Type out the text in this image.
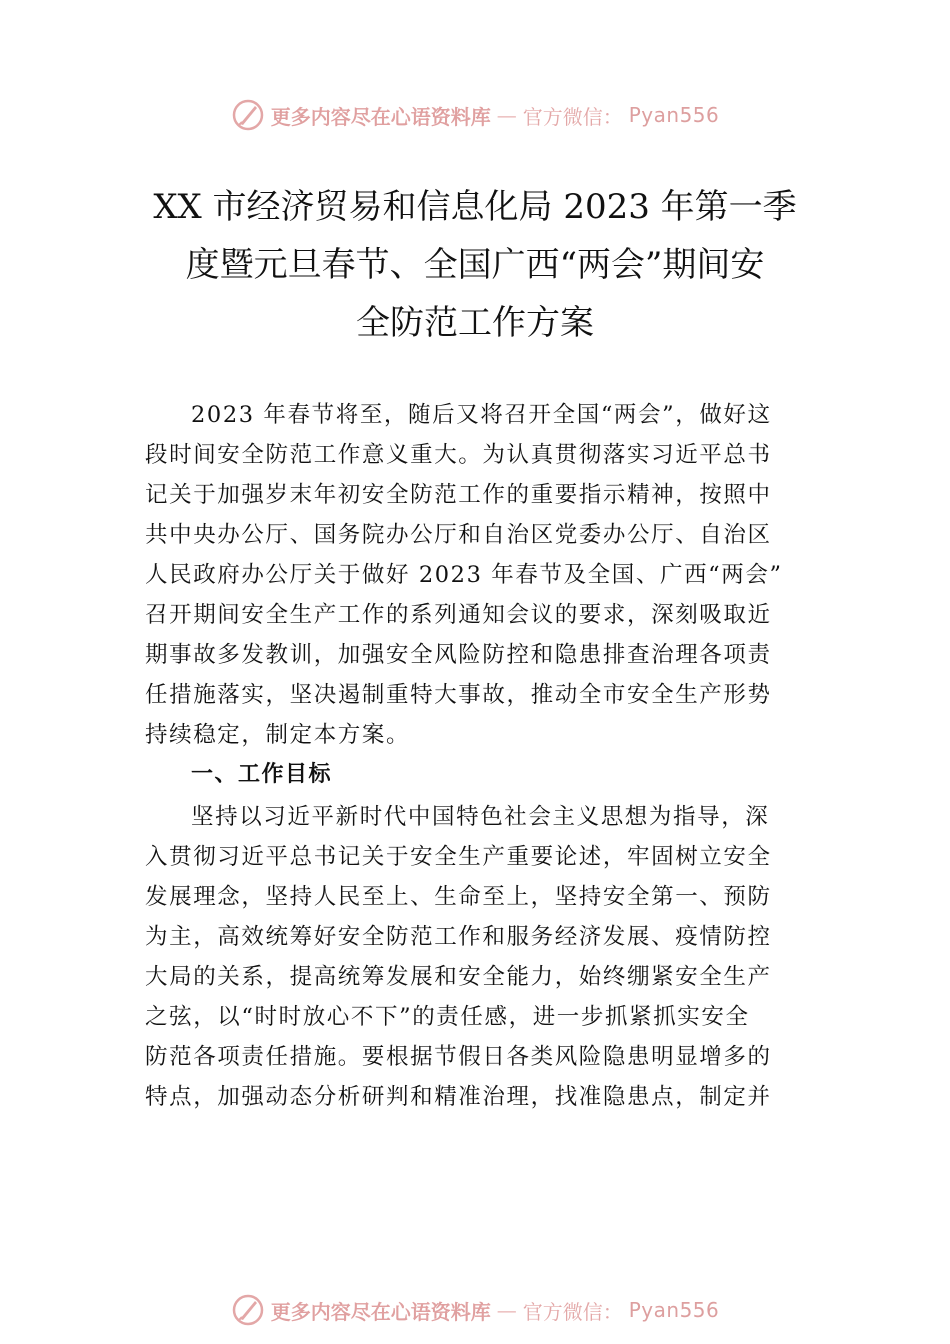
更多内容尽在心语资料库 — 官方微信： Pyan556
XX 市经济贸易和信息化局 2023 年第一季
度暨元旦春节、全国广西“两会”期间安
全防范工作方案

2023 年春节将至，随后又将召开全国“两会”，做好这
段时间安全防范工作意义重大。为认真贯彻落实习近平总书
记关于加强岁末年初安全防范工作的重要指示精神，按照中
共中央办公厅、国务院办公厅和自治区党委办公厅、自治区
人民政府办公厅关于做好 2023 年春节及全国、广西“两会”
召开期间安全生产工作的系列通知会议的要求，深刻吸取近
期事故多发教训，加强安全风险防控和隐患排查治理各项责
任措施落实，坚决遏制重特大事故，推动全市安全生产形势
持续稳定，制定本方案。

一、工作目标

坚持以习近平新时代中国特色社会主义思想为指导，深
入贯彻习近平总书记关于安全生产重要论述，牢固树立安全
发展理念，坚持人民至上、生命至上，坚持安全第一、预防
为主，高效统筹好安全防范工作和服务经济发展、疫情防控
大局的关系，提高统筹发展和安全能力，始终绷紧安全生产
之弦，以“时时放心不下”的责任感，进一步抓紧抓实安全
防范各项责任措施。要根据节假日各类风险隐患明显增多的
特点，加强动态分析研判和精准治理，找准隐患点，制定并

更多内容尽在心语资料库 — 官方微信： Pyan556
